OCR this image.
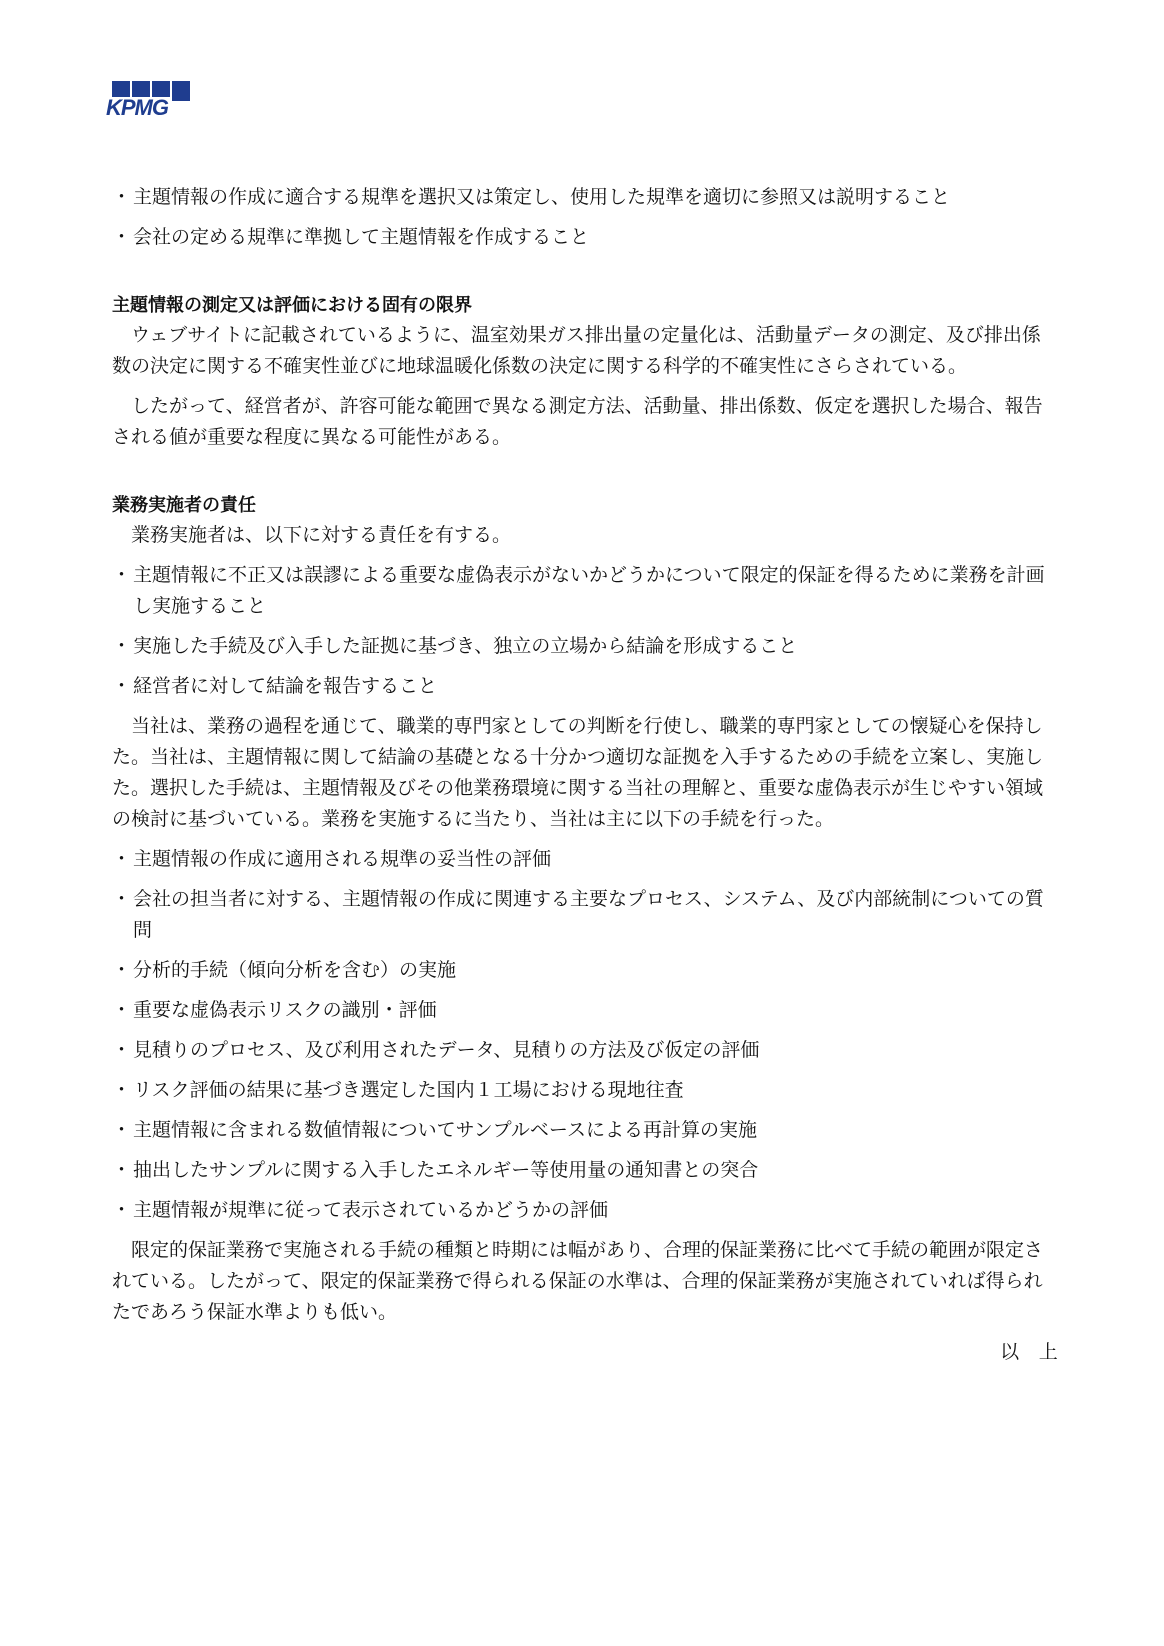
KPMG
・ 主題情報の作成に適合する規準を選択又は策定し、使用した規準を適切に参照又は説明すること
・ 会社の定める規準に準拠して主題情報を作成すること
主題情報の測定又は評価における固有の限界

ウェブサイトに記載されているように、温室効果ガス排出量の定量化は、活動量データの測定、及び排出係数の決定に関する不確実性並びに地球温暖化係数の決定に関する科学的不確実性にさらされている。

したがって、経営者が、許容可能な範囲で異なる測定方法、活動量、排出係数、仮定を選択した場合、報告される値が重要な程度に異なる可能性がある。

業務実施者の責任

業務実施者は、以下に対する責任を有する。

・ 主題情報に不正又は誤謬による重要な虚偽表示がないかどうかについて限定的保証を得るために業務を計画し実施すること
・ 実施した手続及び入手した証拠に基づき、独立の立場から結論を形成すること
・ 経営者に対して結論を報告すること

当社は、業務の過程を通じて、職業的専門家としての判断を行使し、職業的専門家としての懐疑心を保持した。当社は、主題情報に関して結論の基礎となる十分かつ適切な証拠を入手するための手続を立案し、実施した。選択した手続は、主題情報及びその他業務環境に関する当社の理解と、重要な虚偽表示が生じやすい領域の検討に基づいている。業務を実施するに当たり、当社は主に以下の手続を行った。

・ 主題情報の作成に適用される規準の妥当性の評価
・ 会社の担当者に対する、主題情報の作成に関連する主要なプロセス、システム、及び内部統制についての質問
・ 分析的手続（傾向分析を含む）の実施
・ 重要な虚偽表示リスクの識別・評価
・ 見積りのプロセス、及び利用されたデータ、見積りの方法及び仮定の評価
・ リスク評価の結果に基づき選定した国内１工場における現地往査
・ 主題情報に含まれる数値情報についてサンプルベースによる再計算の実施
・ 抽出したサンプルに関する入手したエネルギー等使用量の通知書との突合
・ 主題情報が規準に従って表示されているかどうかの評価

限定的保証業務で実施される手続の種類と時期には幅があり、合理的保証業務に比べて手続の範囲が限定されている。したがって、限定的保証業務で得られる保証の水準は、合理的保証業務が実施されていれば得られたであろう保証水準よりも低い。

以　上
